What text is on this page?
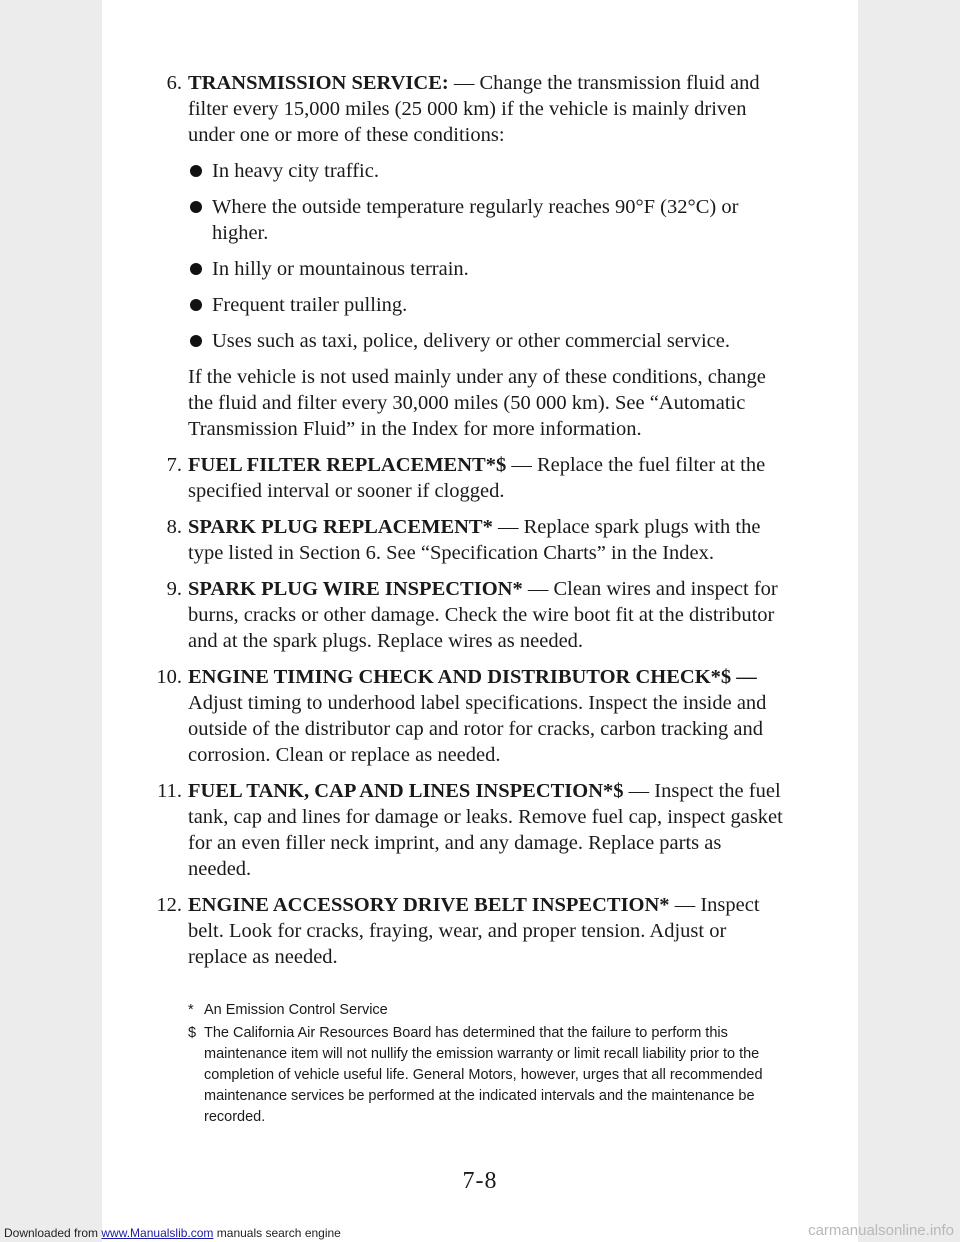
6. TRANSMISSION SERVICE: — Change the transmission fluid and filter every 15,000 miles (25 000 km) if the vehicle is mainly driven under one or more of these conditions:
In heavy city traffic.
Where the outside temperature regularly reaches 90°F (32°C) or higher.
In hilly or mountainous terrain.
Frequent trailer pulling.
Uses such as taxi, police, delivery or other commercial service.
If the vehicle is not used mainly under any of these conditions, change the fluid and filter every 30,000 miles (50 000 km). See “Automatic Transmission Fluid” in the Index for more information.
7. FUEL FILTER REPLACEMENT*$ — Replace the fuel filter at the specified interval or sooner if clogged.
8. SPARK PLUG REPLACEMENT* — Replace spark plugs with the type listed in Section 6. See “Specification Charts” in the Index.
9. SPARK PLUG WIRE INSPECTION* — Clean wires and inspect for burns, cracks or other damage. Check the wire boot fit at the distributor and at the spark plugs. Replace wires as needed.
10. ENGINE TIMING CHECK AND DISTRIBUTOR CHECK*$ — Adjust timing to underhood label specifications. Inspect the inside and outside of the distributor cap and rotor for cracks, carbon tracking and corrosion. Clean or replace as needed.
11. FUEL TANK, CAP AND LINES INSPECTION*$ — Inspect the fuel tank, cap and lines for damage or leaks. Remove fuel cap, inspect gasket for an even filler neck imprint, and any damage. Replace parts as needed.
12. ENGINE ACCESSORY DRIVE BELT INSPECTION* — Inspect belt. Look for cracks, fraying, wear, and proper tension. Adjust or replace as needed.
* An Emission Control Service
$ The California Air Resources Board has determined that the failure to perform this maintenance item will not nullify the emission warranty or limit recall liability prior to the completion of vehicle useful life. General Motors, however, urges that all recommended maintenance services be performed at the indicated intervals and the maintenance be recorded.
7-8
Downloaded from www.Manualslib.com manuals search engine	carmanualsonline.info
